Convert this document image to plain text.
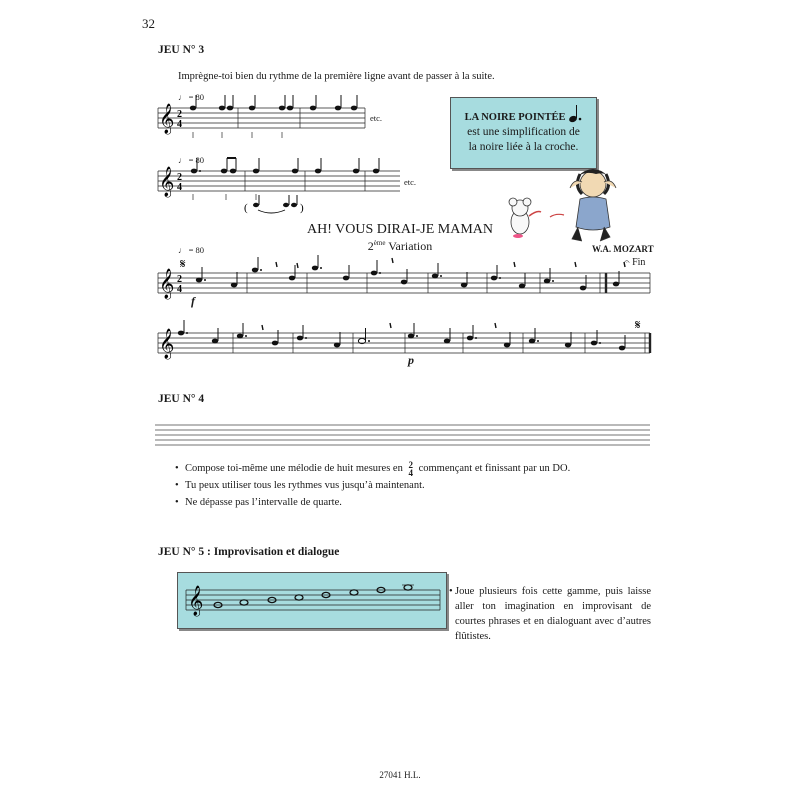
32
JEU N° 3
Imprègne-toi bien du rythme de la première ligne avant de passer à la suite.
LA NOIRE POINTÉE
est une simplification de
la noire liée à la croche.
𝄞 2
4
𝄞 2
4
(	)
𝄞 2
4
𝄋
𝄞
𝄋
♩ = 80
etc.
♩ = 80
etc.
AH! VOUS DIRAI-JE MAMAN
2ème Variation	W.A. MOZART
♩ = 80
𝄐 Fin
f
p
JEU N° 4
• Compose toi-même une mélodie de huit mesures en 2
4 commençant et finissant par un DO.
• Tu peux utiliser tous les rythmes vus jusqu’à maintenant.
• Ne dépasse pas l’intervalle de quarte.
JEU N° 5 : Improvisation et dialogue
𝄞	• Joue plusieurs fois cette gamme, puis laisse aller ton imagination en improvisant de courtes phrases et en dialoguant avec d’autres flûtistes.
27041 H.L.
